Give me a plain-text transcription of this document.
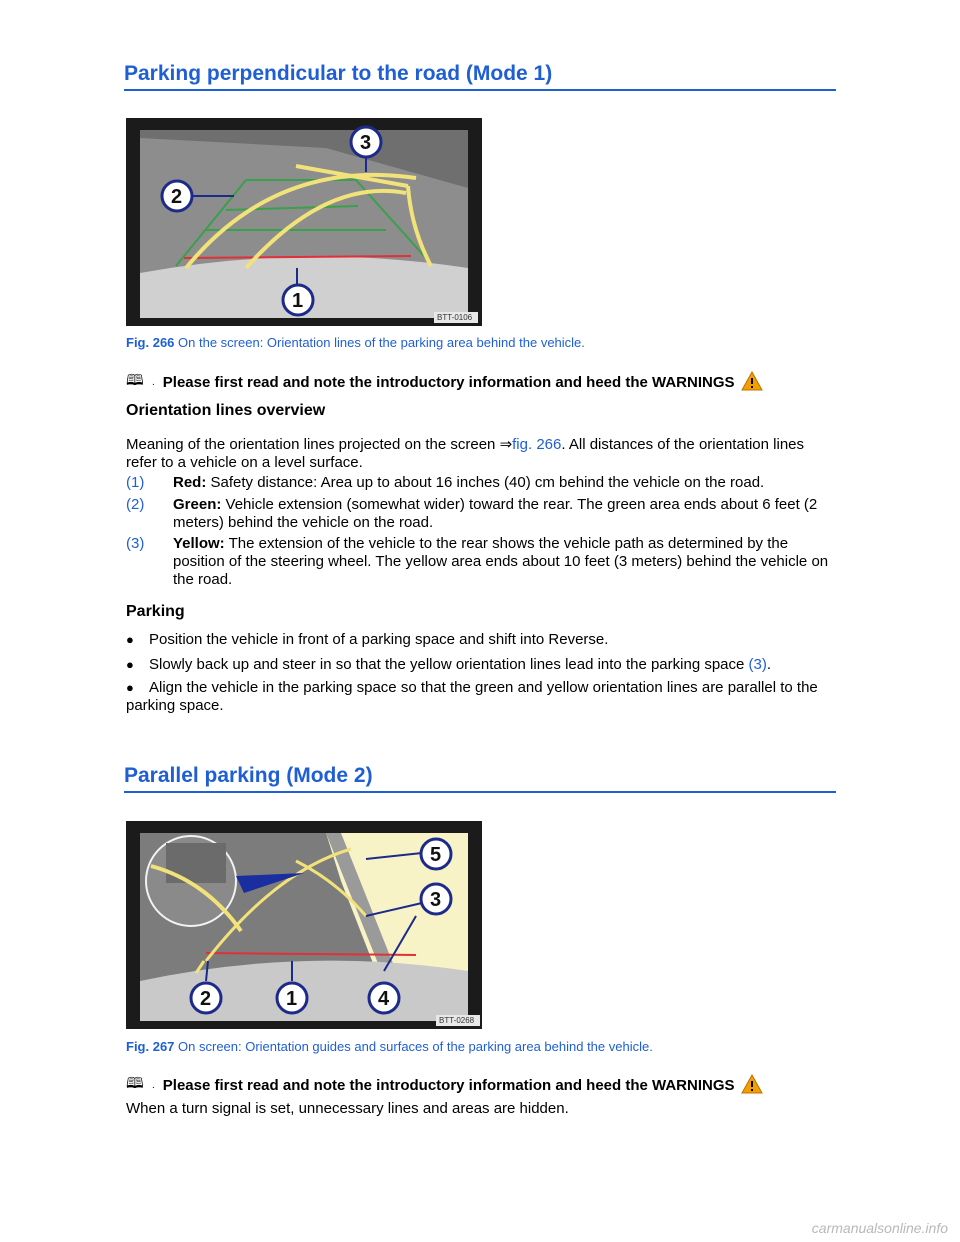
Parking perpendicular to the road (Mode 1)
1
2
3
BTT-0106
Fig. 266 On the screen: Orientation lines of the parking area behind the vehicle.
🕮 . Please first read and note the introductory information and heed the WARNINGS
Orientation lines overview

Meaning of the orientation lines projected on the screen ⇒fig. 266. All distances of the orientation lines refer to a vehicle on a level surface.

(1)	Red: Safety distance: Area up to about 16 inches (40) cm behind the vehicle on the road.
(2)	Green: Vehicle extension (somewhat wider) toward the rear. The green area ends about 6 feet (2 meters) behind the vehicle on the road.
(3)	Yellow: The extension of the vehicle to the rear shows the vehicle path as determined by the position of the steering wheel. The yellow area ends about 10 feet (3 meters) behind the vehicle on the road.
Parking
● Position the vehicle in front of a parking space and shift into Reverse.
● Slowly back up and steer in so that the yellow orientation lines lead into the parking space (3).
● Align the vehicle in the parking space so that the green and yellow orientation lines are parallel to the parking space.
Parallel parking (Mode 2)
1
2
3
4
5
BTT-0268
Fig. 267 On screen: Orientation guides and surfaces of the parking area behind the vehicle.
🕮 . Please first read and note the introductory information and heed the WARNINGS

When a turn signal is set, unnecessary lines and areas are hidden.

carmanualsonline.info
